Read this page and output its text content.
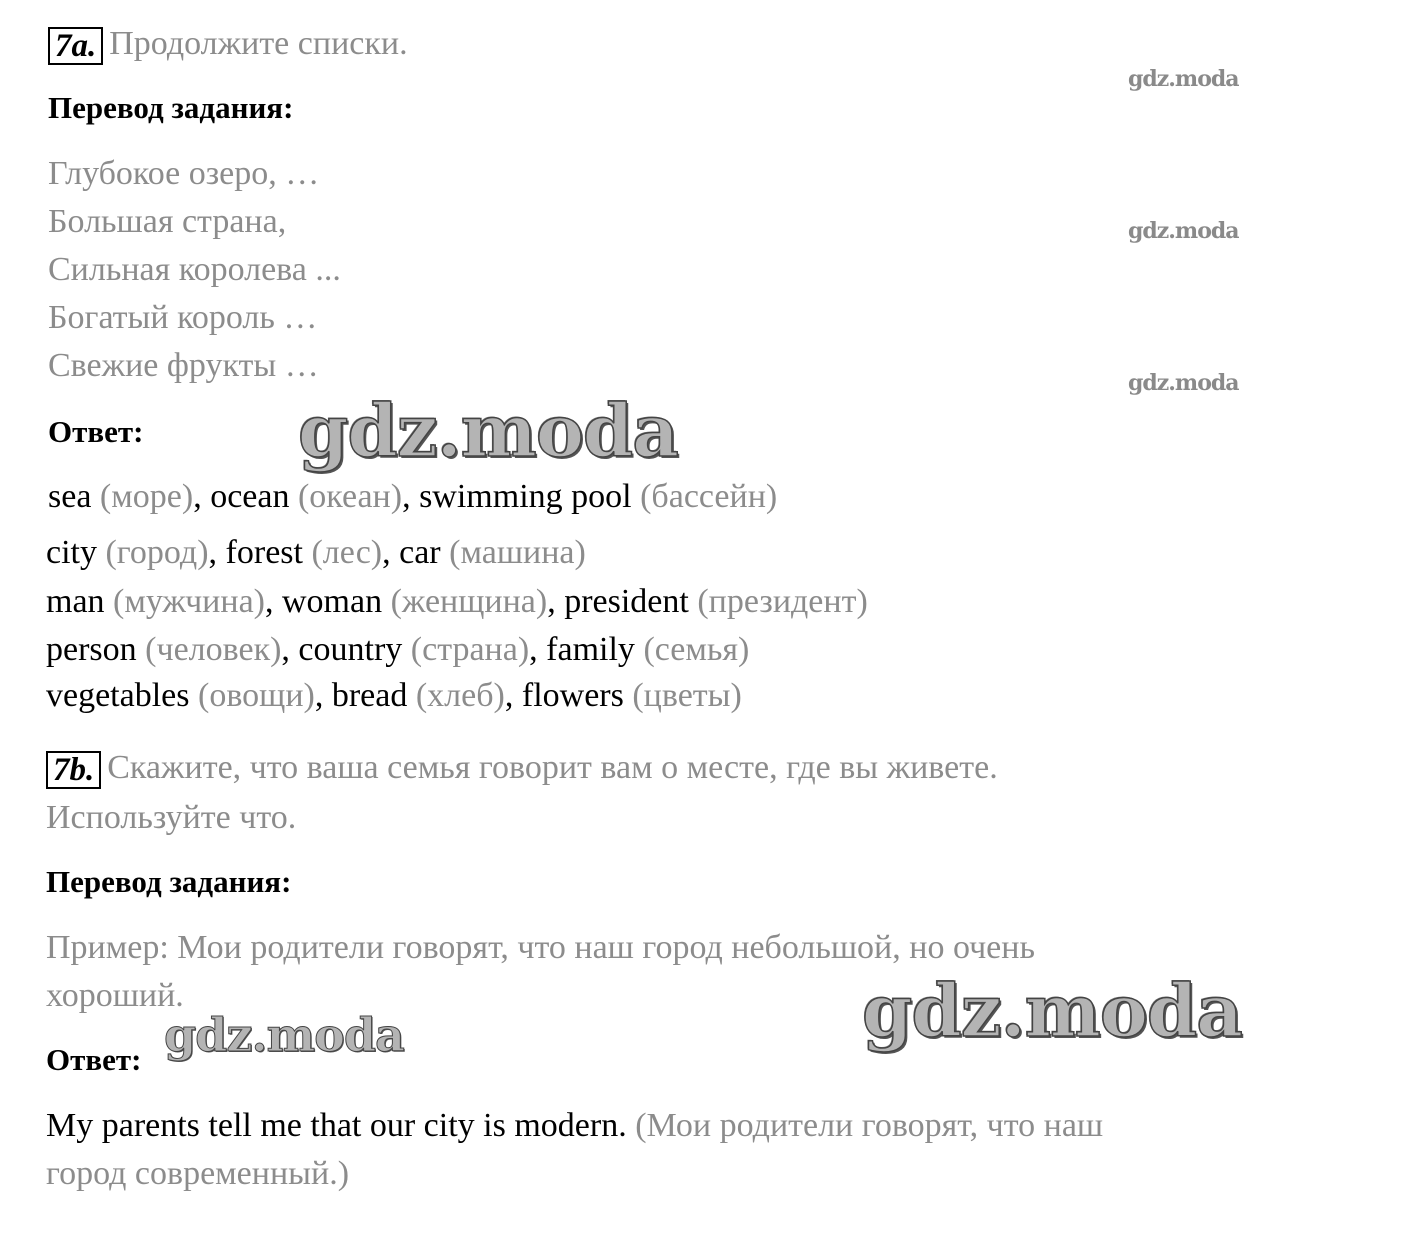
7a. Продолжите списки.
Перевод задания:
Глубокое озеро, …
Большая страна,
Сильная королева ...
Богатый король …
Свежие фрукты …
Ответ:
sea (море), ocean (океан), swimming pool (бассейн)
city (город), forest (лес), car (машина)
man (мужчина), woman (женщина), president (президент)
person (человек), country (страна), family (семья)
vegetables (овощи), bread (хлеб), flowers (цветы)
7b. Скажите, что ваша семья говорит вам о месте, где вы живете.
Используйте что.
Перевод задания:
Пример: Мои родители говорят, что наш город небольшой, но очень
хороший.
Ответ:
My parents tell me that our city is modern. (Мои родители говорят, что наш
город современный.)
gdz.moda
gdz.moda
gdz.moda
gdz.moda
gdz.moda
gdz.moda
